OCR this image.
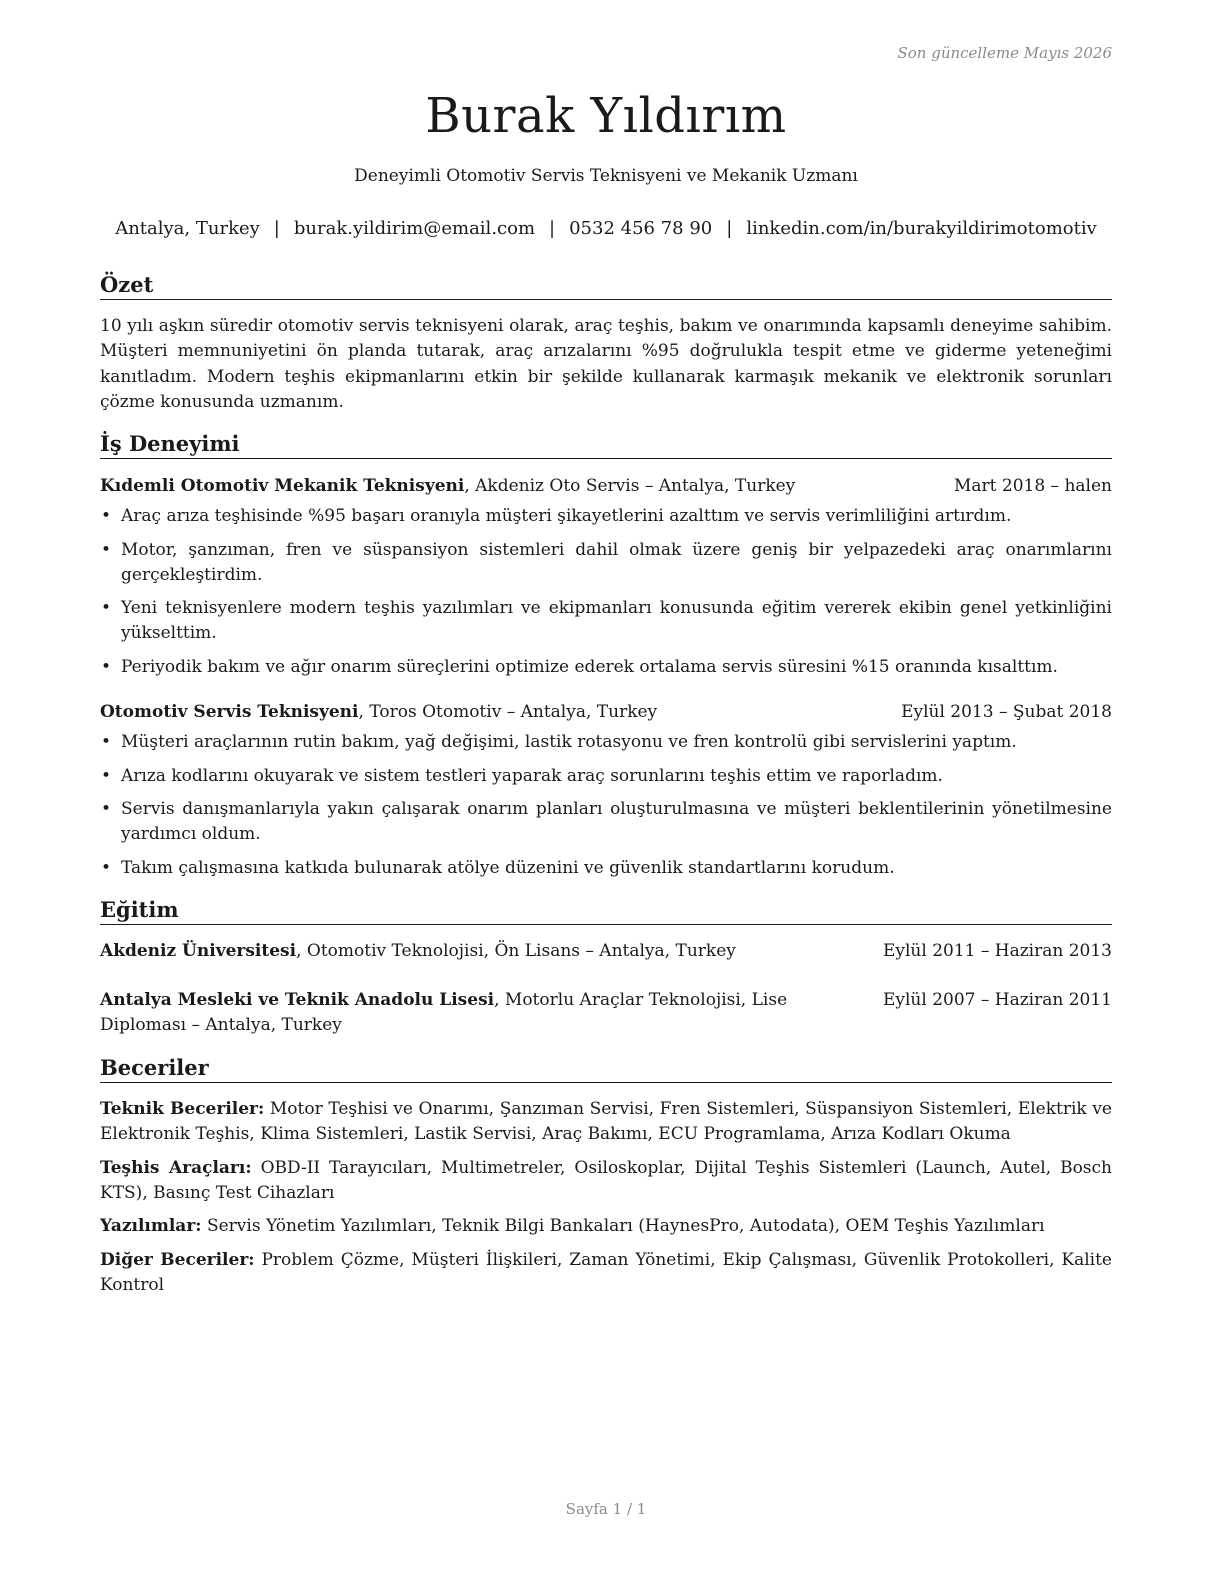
Son güncelleme Mayıs 2026
Burak Yıldırım
Deneyimli Otomotiv Servis Teknisyeni ve Mekanik Uzmanı
Antalya, Turkey | burak.yildirim@email.com | 0532 456 78 90 | linkedin.com/in/burakyildirimotomotiv
Özet
10 yılı aşkın süredir otomotiv servis teknisyeni olarak, araç teşhis, bakım ve onarımında kapsamlı deneyime sahibim. Müşteri memnuniyetini ön planda tutarak, araç arızalarını %95 doğrulukla tespit etme ve giderme yeteneğimi kanıtladım. Modern teşhis ekipmanlarını etkin bir şekilde kullanarak karmaşık mekanik ve elektronik sorunları çözme konusunda uzmanım.
İş Deneyimi
Kıdemli Otomotiv Mekanik Teknisyeni, Akdeniz Oto Servis – Antalya, Turkey	Mart 2018 – halen
• Araç arıza teşhisinde %95 başarı oranıyla müşteri şikayetlerini azalttım ve servis verimliliğini artırdım.
• Motor, şanzıman, fren ve süspansiyon sistemleri dahil olmak üzere geniş bir yelpazedeki araç onarımlarını gerçekleştirdim.
• Yeni teknisyenlere modern teşhis yazılımları ve ekipmanları konusunda eğitim vererek ekibin genel yetkinliğini yükselttim.
• Periyodik bakım ve ağır onarım süreçlerini optimize ederek ortalama servis süresini %15 oranında kısalttım.
Otomotiv Servis Teknisyeni, Toros Otomotiv – Antalya, Turkey	Eylül 2013 – Şubat 2018
• Müşteri araçlarının rutin bakım, yağ değişimi, lastik rotasyonu ve fren kontrolü gibi servislerini yaptım.
• Arıza kodlarını okuyarak ve sistem testleri yaparak araç sorunlarını teşhis ettim ve raporladım.
• Servis danışmanlarıyla yakın çalışarak onarım planları oluşturulmasına ve müşteri beklentilerinin yönetilmesine yardımcı oldum.
• Takım çalışmasına katkıda bulunarak atölye düzenini ve güvenlik standartlarını korudum.
Eğitim
Akdeniz Üniversitesi, Otomotiv Teknolojisi, Ön Lisans – Antalya, Turkey	Eylül 2011 – Haziran 2013
Antalya Mesleki ve Teknik Anadolu Lisesi, Motorlu Araçlar Teknolojisi, Lise Diploması – Antalya, Turkey
Eylül 2007 – Haziran 2011
Beceriler
Teknik Beceriler: Motor Teşhisi ve Onarımı, Şanzıman Servisi, Fren Sistemleri, Süspansiyon Sistemleri, Elektrik ve Elektronik Teşhis, Klima Sistemleri, Lastik Servisi, Araç Bakımı, ECU Programlama, Arıza Kodları Okuma
Teşhis Araçları: OBD-II Tarayıcıları, Multimetreler, Osiloskoplar, Dijital Teşhis Sistemleri (Launch, Autel, Bosch KTS), Basınç Test Cihazları
Yazılımlar: Servis Yönetim Yazılımları, Teknik Bilgi Bankaları (HaynesPro, Autodata), OEM Teşhis Yazılımları
Diğer Beceriler: Problem Çözme, Müşteri İlişkileri, Zaman Yönetimi, Ekip Çalışması, Güvenlik Protokolleri, Kalite Kontrol
Sayfa 1 / 1
